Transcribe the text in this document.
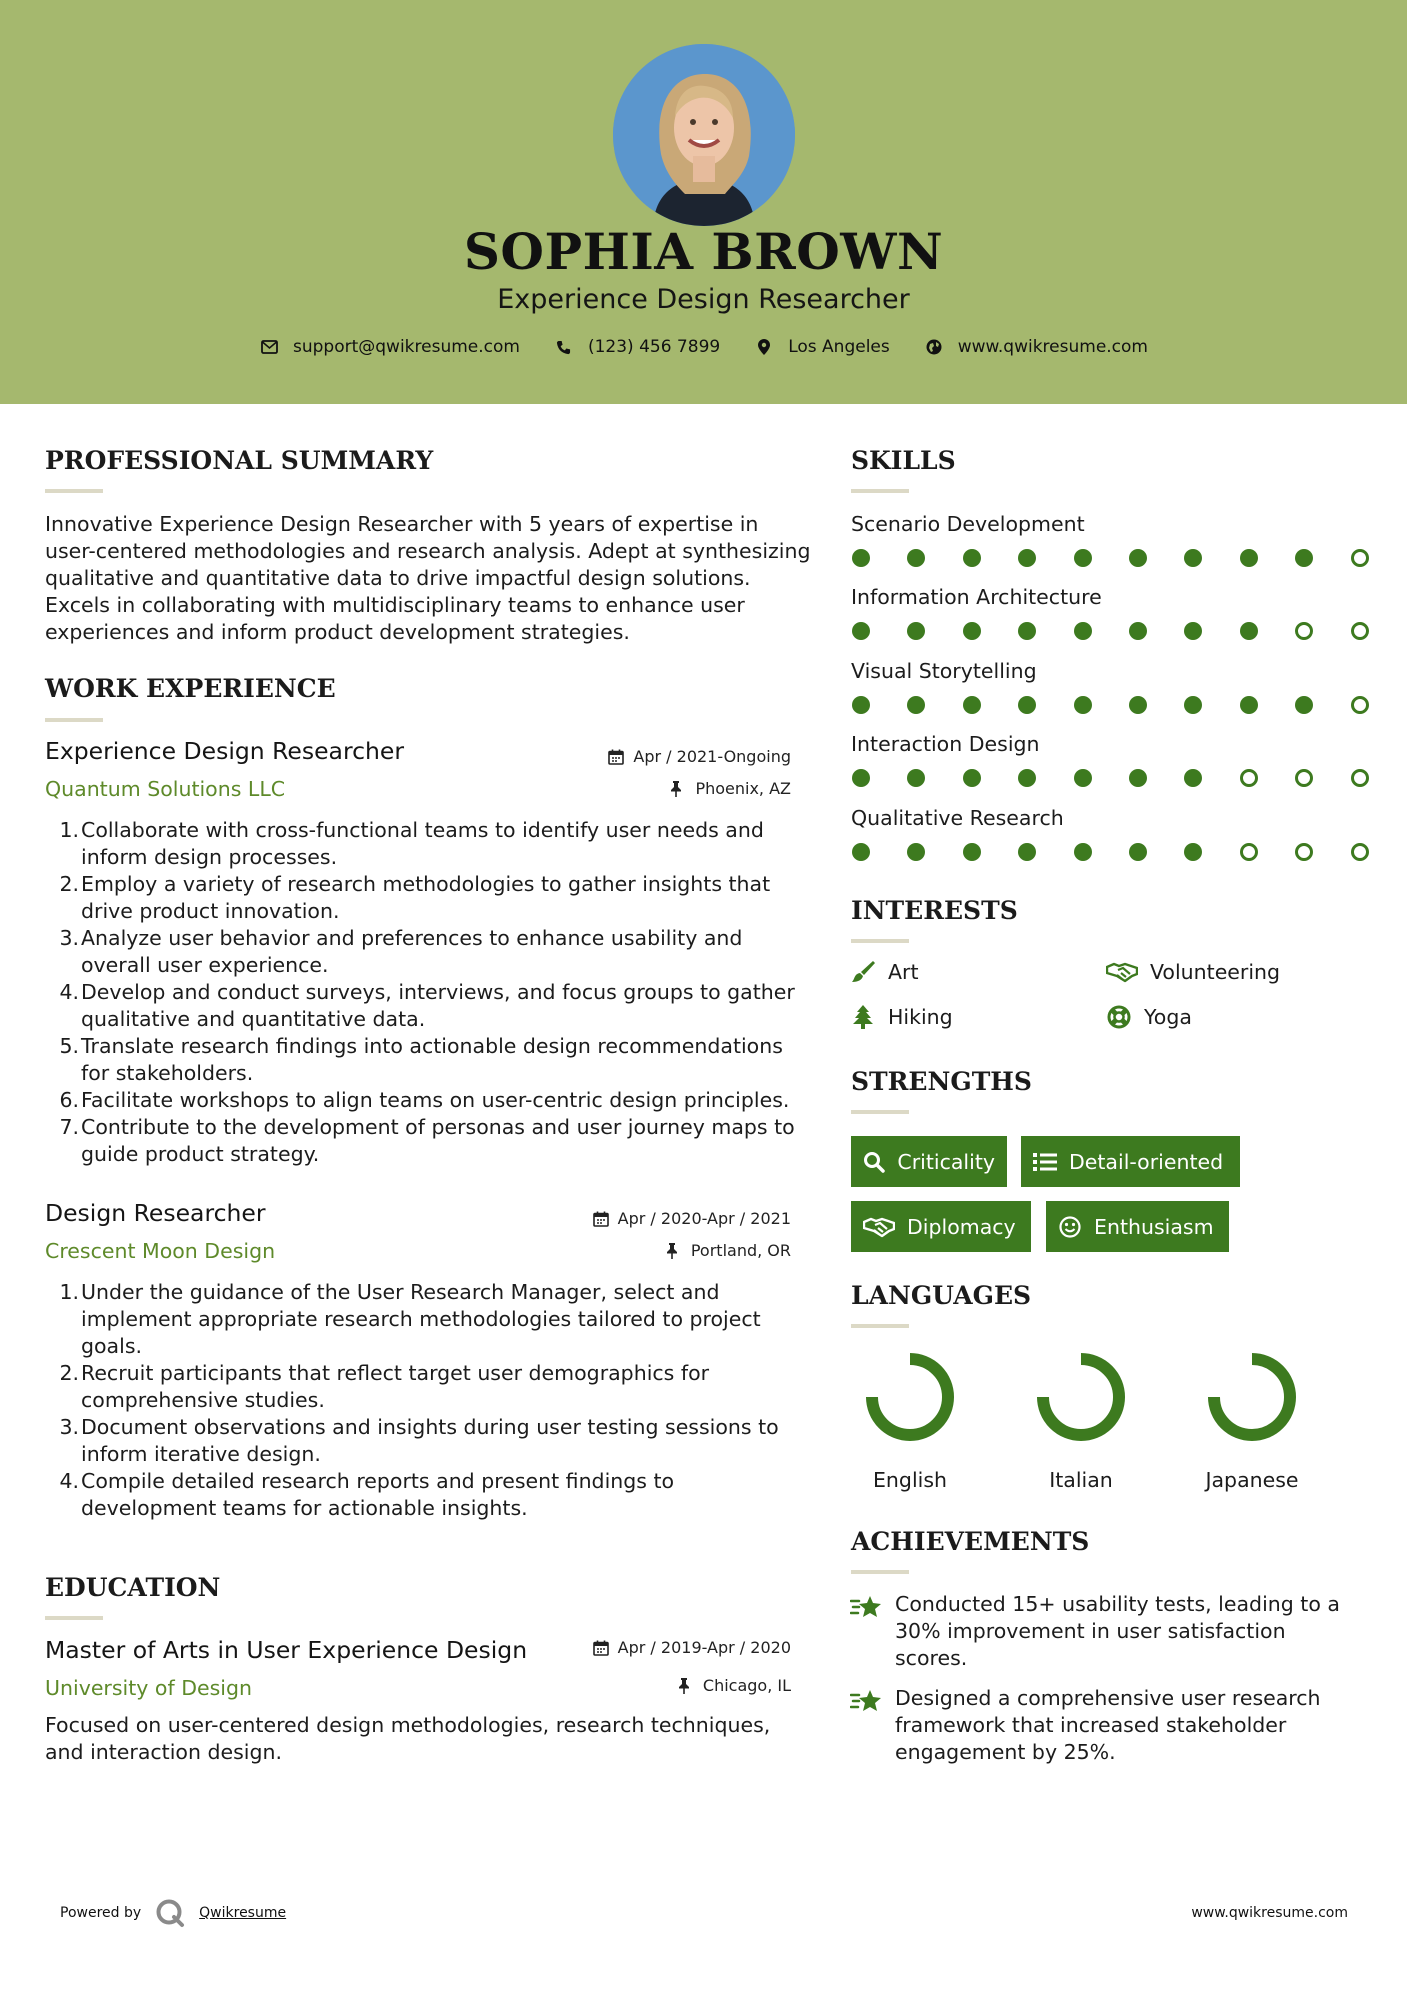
SOPHIA BROWN
Experience Design Researcher
support@qwikresume.com	(123) 456 7899	Los Angeles	www.qwikresume.com
PROFESSIONAL SUMMARY
Innovative Experience Design Researcher with 5 years of expertise in user-centered methodologies and research analysis. Adept at synthesizing qualitative and quantitative data to drive impactful design solutions. Excels in collaborating with multidisciplinary teams to enhance user experiences and inform product development strategies.
WORK EXPERIENCE
Experience Design Researcher	Apr / 2021-Ongoing
Quantum Solutions LLC	Phoenix, AZ
1. Collaborate with cross-functional teams to identify user needs and inform design processes.
2. Employ a variety of research methodologies to gather insights that drive product innovation.
3. Analyze user behavior and preferences to enhance usability and overall user experience.
4. Develop and conduct surveys, interviews, and focus groups to gather qualitative and quantitative data.
5. Translate research findings into actionable design recommendations for stakeholders.
6. Facilitate workshops to align teams on user-centric design principles.
7. Contribute to the development of personas and user journey maps to guide product strategy.
Design Researcher	Apr / 2020-Apr / 2021
Crescent Moon Design	Portland, OR
1. Under the guidance of the User Research Manager, select and implement appropriate research methodologies tailored to project goals.
2. Recruit participants that reflect target user demographics for comprehensive studies.
3. Document observations and insights during user testing sessions to inform iterative design.
4. Compile detailed research reports and present findings to development teams for actionable insights.
EDUCATION
Master of Arts in User Experience Design	Apr / 2019-Apr / 2020
University of Design	Chicago, IL
Focused on user-centered design methodologies, research techniques, and interaction design.
SKILLS
Scenario Development
Information Architecture
Visual Storytelling
Interaction Design
Qualitative Research
INTERESTS
Art	Volunteering
Hiking	Yoga
STRENGTHS
Criticality	Detail-oriented
Diplomacy	Enthusiasm
LANGUAGES
English	Italian	Japanese
ACHIEVEMENTS
Conducted 15+ usability tests, leading to a 30% improvement in user satisfaction scores.
Designed a comprehensive user research framework that increased stakeholder engagement by 25%.
Powered by	Qwikresume	www.qwikresume.com
